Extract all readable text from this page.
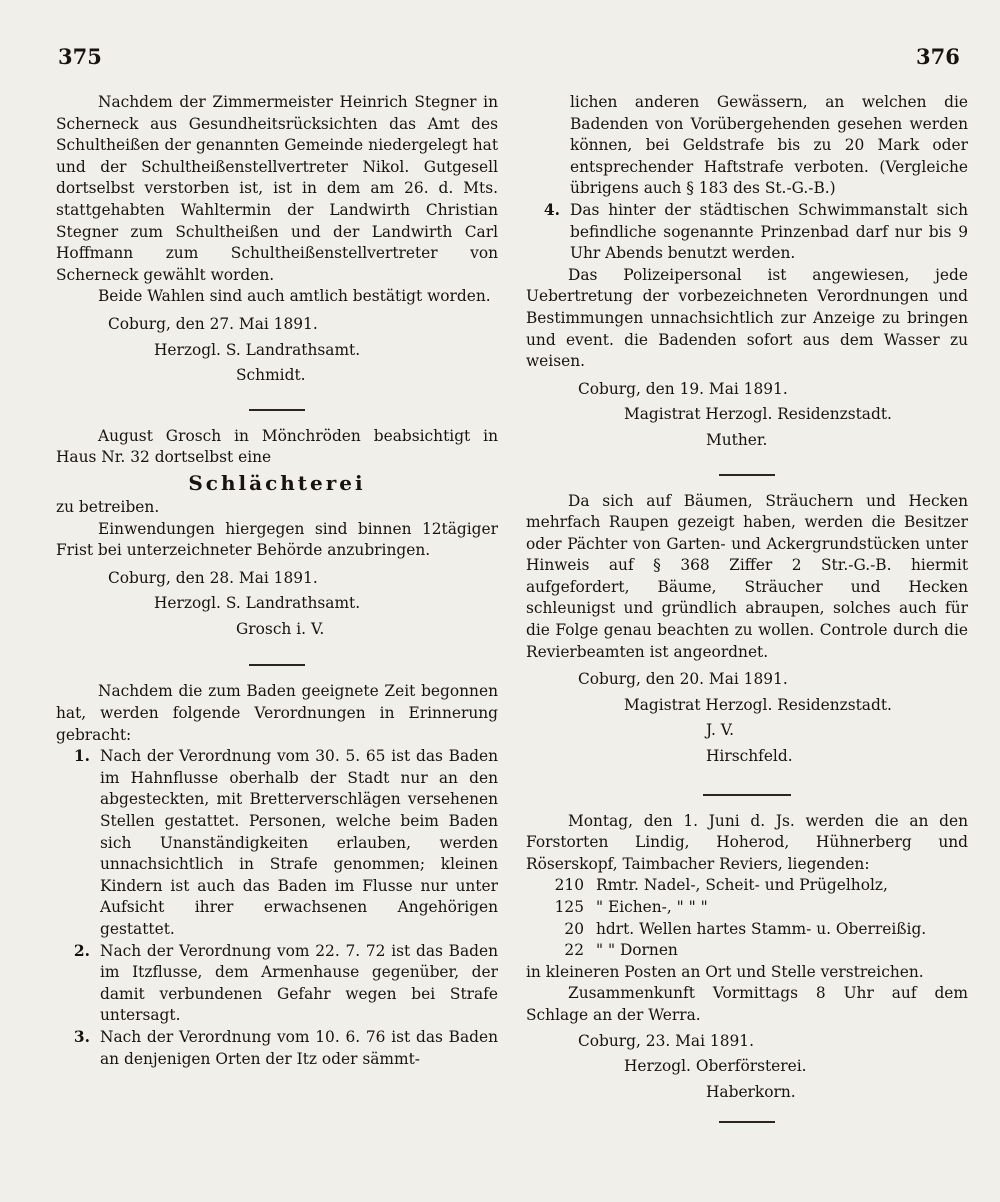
375	376

Nachdem der Zimmermeister Heinrich Stegner in Scherneck aus Gesundheitsrücksichten das Amt des Schultheißen der genannten Gemeinde niedergelegt hat und der Schultheißenstellvertreter Nikol. Gutgesell dortselbst verstorben ist, ist in dem am 26. d. Mts. stattgehabten Wahltermin der Landwirth Christian Stegner zum Schultheißen und der Landwirth Carl Hoffmann zum Schultheißenstellvertreter von Scherneck gewählt worden.

Beide Wahlen sind auch amtlich bestätigt worden.

Coburg, den 27. Mai 1891.

Herzogl. S. Landrathsamt.

Schmidt.

August Grosch in Mönchröden beabsichtigt in Haus Nr. 32 dortselbst eine

Schlächterei

zu betreiben.

Einwendungen hiergegen sind binnen 12tägiger Frist bei unterzeichneter Behörde anzubringen.

Coburg, den 28. Mai 1891.

Herzogl. S. Landrathsamt.

Grosch i. V.

Nachdem die zum Baden geeignete Zeit begonnen hat, werden folgende Verordnungen in Erinnerung gebracht:

1. Nach der Verordnung vom 30. 5. 65 ist das Baden im Hahnflusse oberhalb der Stadt nur an den abgesteckten, mit Bretterverschlägen versehenen Stellen gestattet. Personen, welche beim Baden sich Unanständigkeiten erlauben, werden unnachsichtlich in Strafe genommen; kleinen Kindern ist auch das Baden im Flusse nur unter Aufsicht ihrer erwachsenen Angehörigen gestattet.
2. Nach der Verordnung vom 22. 7. 72 ist das Baden im Itzflusse, dem Armenhause gegenüber, der damit verbundenen Gefahr wegen bei Strafe untersagt.
3. Nach der Verordnung vom 10. 6. 76 ist das Baden an denjenigen Orten der Itz oder sämmt-
lichen anderen Gewässern, an welchen die Badenden von Vorübergehenden gesehen werden können, bei Geldstrafe bis zu 20 Mark oder entsprechender Haftstrafe verboten. (Vergleiche übrigens auch § 183 des St.-G.-B.)
4. Das hinter der städtischen Schwimmanstalt sich befindliche sogenannte Prinzenbad darf nur bis 9 Uhr Abends benutzt werden.

Das Polizeipersonal ist angewiesen, jede Uebertretung der vorbezeichneten Verordnungen und Bestimmungen unnachsichtlich zur Anzeige zu bringen und event. die Badenden sofort aus dem Wasser zu weisen.

Coburg, den 19. Mai 1891.

Magistrat Herzogl. Residenzstadt.

Muther.

Da sich auf Bäumen, Sträuchern und Hecken mehrfach Raupen gezeigt haben, werden die Besitzer oder Pächter von Garten- und Ackergrundstücken unter Hinweis auf § 368 Ziffer 2 Str.-G.-B. hiermit aufgefordert, Bäume, Sträucher und Hecken schleunigst und gründlich abraupen, solches auch für die Folge genau beachten zu wollen. Controle durch die Revierbeamten ist angeordnet.

Coburg, den 20. Mai 1891.

Magistrat Herzogl. Residenzstadt.

J. V.

Hirschfeld.

Montag, den 1. Juni d. Js. werden die an den Forstorten Lindig, Hoherod, Hühnerberg und Röserskopf, Taimbacher Reviers, liegenden:

210 Rmtr. Nadel-, Scheit- und Prügelholz,
125 " Eichen-, " " "
20 hdrt. Wellen hartes Stamm- u. Oberreißig.
22 " " Dornen

in kleineren Posten an Ort und Stelle verstreichen.

Zusammenkunft Vormittags 8 Uhr auf dem Schlage an der Werra.

Coburg, 23. Mai 1891.

Herzogl. Oberförsterei.

Haberkorn.
